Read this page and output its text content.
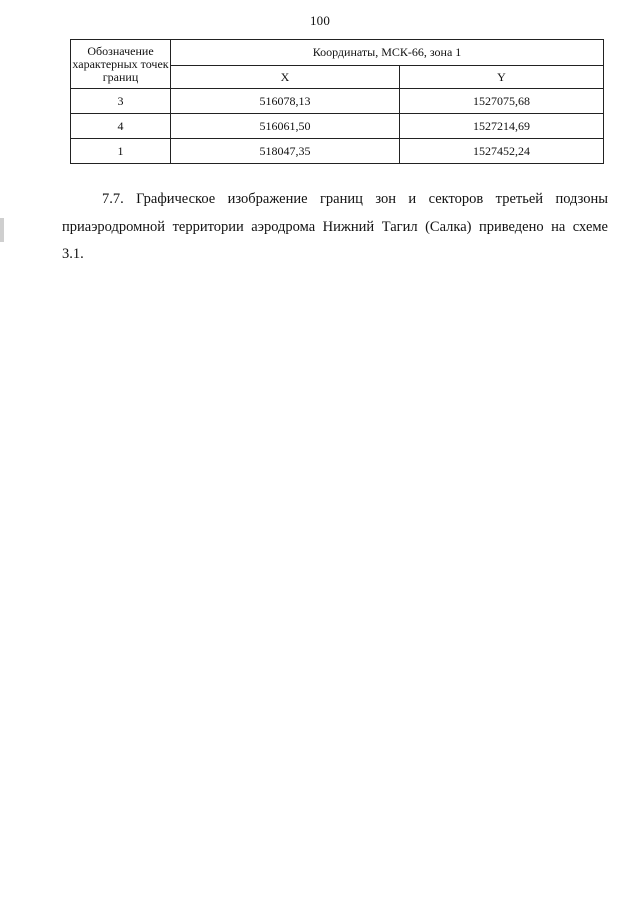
100
Обозначение характерных точек границ	Координаты, МСК-66, зона 1	
	X	Y
3	516078,13	1527075,68
4	516061,50	1527214,69
1	518047,35	1527452,24

7.7. Графическое изображение границ зон и секторов третьей подзоны приаэродромной территории аэродрома Нижний Тагил (Салка) приведено на схеме 3.1.
